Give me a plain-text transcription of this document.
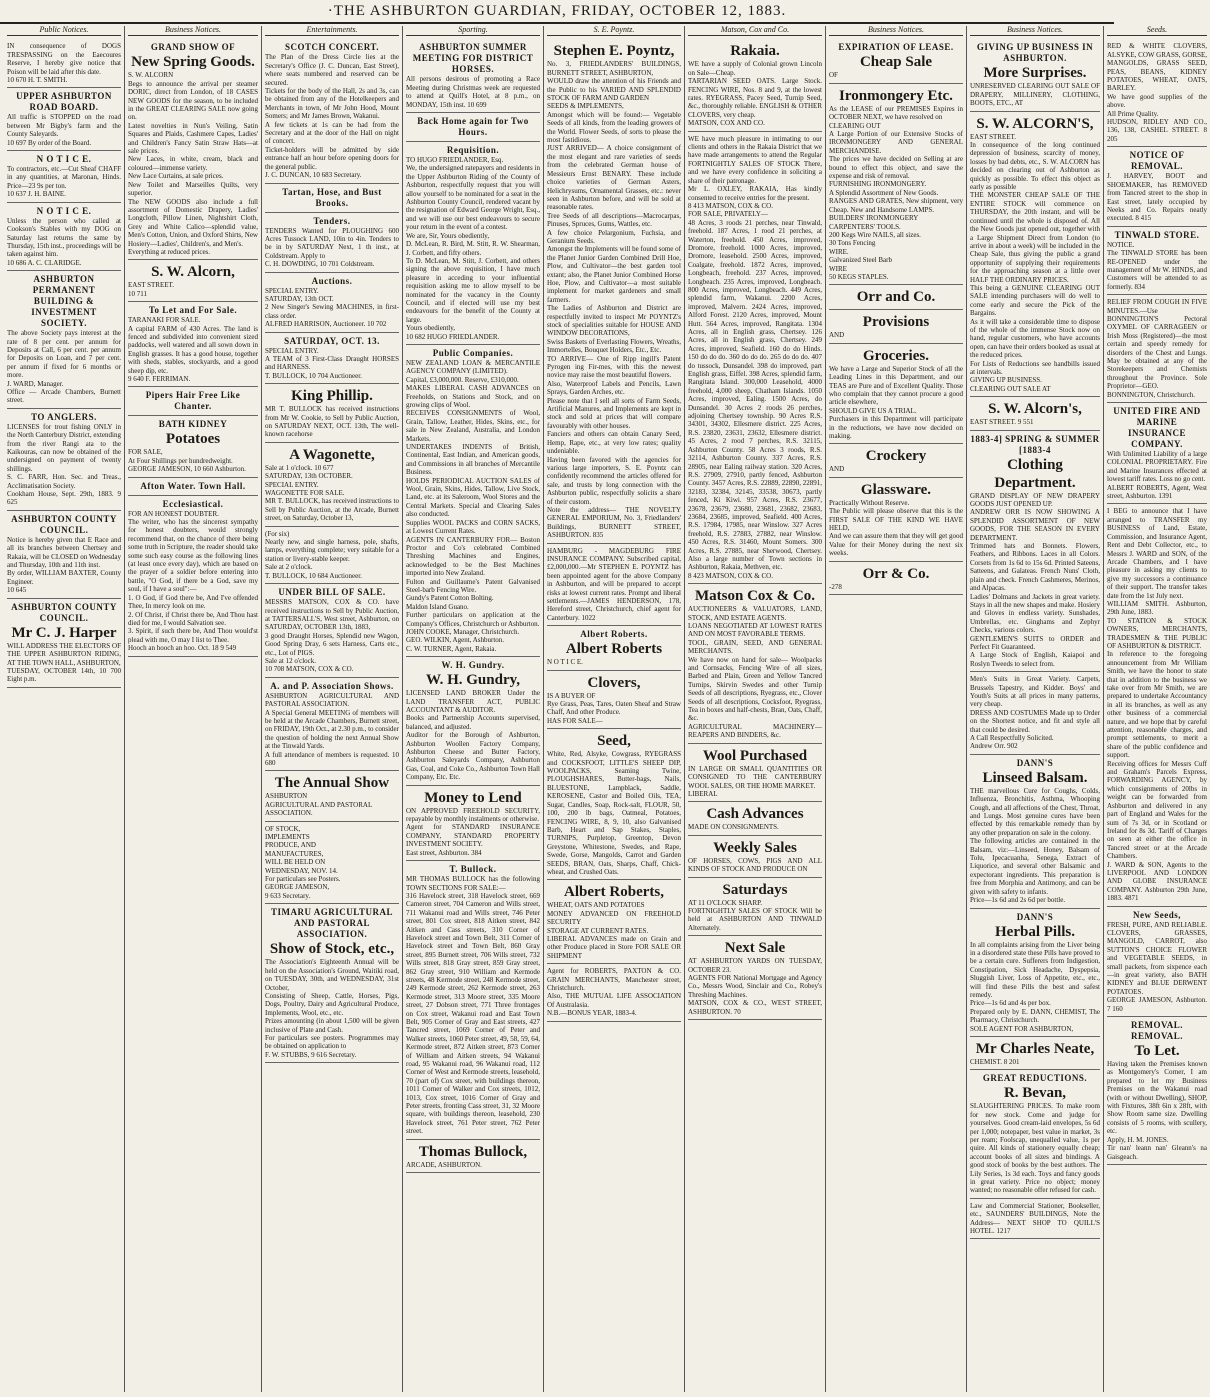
·THE ASHBURTON GUARDIAN, FRIDAY, OCTOBER 12, 1883.
Public Notices.
IN consequence of DOGS TRESPASSING on the Eaecoures Reserve, I hereby give notice that Poison will be laid after this date.
10 670 H. T. SMITH.
UPPER ASHBURTON ROAD BOARD.
All traffic is STOPPED on the road between Mr Bigby's farm and the County Saleyards.
10 697 By order of the Board.
N O T I C E.
To contractors, etc.—Cut Sheaf CHAFF in any quantities, at Maronan, Hinds. Price—23 9s per ton.
10 637 J. H. BAINE.
N O T I C E.
Unless the person who called at Cookson's Stables with my DOG on Saturday last returns the same by Thursday, 15th inst., proceedings will be taken against him.
10 686 A. C. CLARIDGE.
ASHBURTON PERMANENT BUILDING & INVESTMENT SOCIETY.
The above Society pays interest at the rate of 8 per cent. per annum for Deposits at Call, 6 per cent. per annum for Deposits on Loan, and 7 per cent. per annum if fixed for 6 months or more.
J. WARD, Manager.
Office — Arcade Chambers, Burnett street.
TO ANGLERS.
LICENSES for trout fishing ONLY in the North Canterbury District, extending from the river Rangi ata to the Kaikouras, can now be obtained of the undersigned on payment of twenty shillings.
S. C. FARR, Hon. Sec. and Treas., Acclimatisation Society.
Cookham House, Sept. 29th, 1883. 9 625
ASHBURTON COUNTY COUNCIL.
Notice is hereby given that E Race and all its branches between Chertsey and Rakaia, will be CLOSED on Wednesday and Thursday, 10th and 11th inst.
By order, WILLIAM BAXTER, County Engineer.
10 645
ASHBURTON COUNTY COUNCIL.
Mr C. J. Harper
WILL ADDRESS THE ELECTORS OF THE UPPER ASHBURTON RIDING, AT THE TOWN HALL, ASHBURTON,
TUESDAY, OCTOBER 14th, 10 700 Eight p.m.
Business Notices.
GRAND SHOW OF
New Spring Goods.
S. W. ALCORN
Begs to announce the arrival per steamer DORIC, direct from London, of 18 CASES NEW GOODS for the season, to be included in the GREAT CLEARING SALE now going on.
Latest novelties in Nun's Veiling, Satin Squares and Plaids, Cashmere Capes, Ladies' and Children's Fancy Satin Straw Hats—at sale prices.
New Laces, in white, cream, black and coloured—immense variety.
New Lace Curtains, at sale prices.
New Toilet and Marseilles Quilts, very superior.
The NEW GOODS also include a full assortment of Domestic Drapery, Ladies' Longcloth, Pillow Linen, Nightshirt Cloth, Grey and White Calico—splendid value, Men's Cotton, Union, and Oxford Shirts, New Hosiery—Ladies', Children's, and Men's.
Everything at reduced prices.
S. W. Alcorn,
EAST STREET.
10 711
To Let and For Sale.
TARANAKI FOR SALE.
A capital FARM of 430 Acres. The land is fenced and subdivided into convenient sized paddocks, well watered and all sown down in English grasses. It has a good house, together with sheds, stables, stockyards, and a good sheep dip, etc.
9 640 F. FERRIMAN.
Pipers Hair Free Like Chanter.
BATH KIDNEY
Potatoes
FOR SALE,
At Four Shillings per hundredweight.
GEORGE JAMESON, 10 660 Ashburton.
Afton Water. Town Hall.
Ecclesiastical.
FOR AN HONEST DOUBTER.
The writer, who has the sincerest sympathy for honest doubters, would strongly recommend that, on the chance of there being some truth in Scripture, the reader should take some such easy course as the following lines (at least once every day), which are based on the prayer of a soldier before entering into battle, "O God, if there be a God, save my soul, if I have a soul":—
1. O God, if God there be, And I've offended Thee, In mercy look on me.
2. Of Christ, if Christ there be, And Thou hast died for me, I would Salvation see.
3. Spirit, if such there be, And Thou would'st plead with me, O may I list to Thee.
Hooch an hooch an hoo. Oct. 18 9 549
Entertainments.
SCOTCH CONCERT.
The Plan of the Dress Circle lies at the Secretary's Office (J. C. Duncan, East Street), where seats numbered and reserved can be secured.
Tickets for the body of the Hall, 2s and 3s, can be obtained from any of the Hotelkeepers and Merchants in town, of Mr John Hood, Mount Somers; and Mr James Brown, Wakanui.
A few tickets at 1s can be had from the Secretary and at the door of the Hall on night of concert.
Ticket-holders will be admitted by side entrance half an hour before opening doors for the general public.
J. C. DUNCAN, 10 683 Secretary.
Tartan, Hose, and Bust Brooks.
Tenders.
TENDERS Wanted for PLOUGHING 600 Acres Tussock LAND, 10in to 4in. Tenders to be in by SATURDAY Next, 1 th inst., at Coldstream. Apply to
C. H. DOWDING, 10 701 Coldstream.
Auctions.
SPECIAL ENTRY.
SATURDAY, 13th OCT.
2 New Singer's Sewing MACHINES, in first-class order.
ALFRED HARRISON, Auctioneer. 10 702
SATURDAY, OCT. 13.
SPECIAL ENTRY.
A TEAM of 3 First-Class Draught HORSES and HARNESS.
T. BULLOCK, 10 704 Auctioneer.
King Phillip.
MR T. BULLOCK has received instructions from Mr W. Cookie, to Sell by Public Auction, on SATURDAY NEXT, OCT. 13th, The well-known racehorse
A Wagonette,
Sale at 1 o'clock. 10 677
SATURDAY, 13th OCTOBER.
SPECIAL ENTRY.
WAGONETTE FOR SALE.
MR T. BULLOCK, has received instructions to Sell by Public Auction, at the Arcade, Burnett street, on Saturday, October 13,
(For six)
Nearly new, and single harness, pole, shafts, lamps, everything complete; very suitable for a station or livery-stable keeper.
Sale at 2 o'clock.
T. BULLOCK, 10 684 Auctioneer.
UNDER BILL OF SALE.
MESSRS MATSON, COX & CO. have received instructions to Sell by Public Auction, at TATTERSALL'S, West street, Ashburton, on SATURDAY, OCTOBER 13th, 1883,
3 good Draught Horses, Splendid new Wagon, Good Spring Dray, 6 sets Harness, Carts etc., etc., Lot of PIGS.
Sale at 12 o'clock.
10 708 MATSON, COX & CO.
A. and P. Association Shows.
ASHBURTON AGRICULTURAL AND PASTORAL ASSOCIATION.
A Special General MEETING of members will be held at the Arcade Chambers, Burnett street, on FRIDAY, 19th Oct., at 2.30 p.m., to consider the question of holding the next Annual Show at the Tinwald Yards.
A full attendance of members is requested. 10 680
The Annual Show
ASHBURTON
AGRICULTURAL AND PASTORAL
ASSOCIATION.
OF STOCK,
IMPLEMENTS
PRODUCE, AND
MANUFACTURES,
WILL BE HELD ON
WEDNESDAY, NOV. 14.
For particulars see Posters.
GEORGE JAMESON,
9 633 Secretary.
TIMARU AGRICULTURAL AND PASTORAL ASSOCIATION.
Show of Stock, etc.,
The Association's Eighteenth Annual will be held on the Association's Ground, Waitiki road, on TUESDAY, 30th, and WEDNESDAY, 31st October,
Consisting of Sheep, Cattle, Horses, Pigs, Dogs, Poultry, Dairy and Agricultural Produce, Implements, Wool, etc., etc.
Prizes amounting (in about 1,500 will be given inclusive of Plate and Cash.
For particulars see posters. Programmes may be obtained on application to
F. W. STUBBS, 9 616 Secretary.
Sporting.
ASHBURTON SUMMER MEETING FOR DISTRICT HORSES.
All persons desirous of promoting a Race Meeting during Christmas week are requested to attend at Quill's Hotel, at 8 p.m., on MONDAY, 15th inst. 10 699
Back Home again for Two Hours.
Requisition.
TO HUGO FRIEDLANDER, Esq.
We, the undersigned ratepayers and residents in the Upper Ashburton Riding of the County of Ashburton, respectfully request that you will allow yourself to be nominated for a seat in the Ashburton County Council, rendered vacant by the resignation of Edward George Wright, Esq., and we will use our best endeavours to secure your return in the event of a contest.
We are, Sir, Yours obediently,
D. McLean, R. Bird, M. Stitt, R. W. Shearman, J. Corbett, and fifty others.
To D. McLean, M. Stitt, J. Corbett, and others signing the above requisition, I have much pleasure in acceding to your influential requisition asking me to allow myself to be nominated for the vacancy in the County Council, and if elected will use my best endeavours for the benefit of the County at large.
Yours obediently,
10 682 HUGO FRIEDLANDER.
Public Companies.
NEW ZEALAND LOAN & MERCANTILE AGENCY COMPANY (LIMITED).
Capital, £3,000,000. Reserve, £310,000.
MAKES LIBERAL CASH ADVANCES on Freeholds, on Stations and Stock, and on growing clips of Wool.
RECEIVES CONSIGNMENTS of Wool, Grain, Tallow, Leather, Hides, Skins, etc., for sale in New Zealand, Australia, and London Markets.
UNDERTAKES INDENTS of British, Continental, East Indian, and American goods, and Commissions in all branches of Mercantile Business.
HOLDS PERIODICAL AUCTION SALES of Wool, Grain, Skins, Hides, Tallow, Live Stock, Land, etc. at its Saleroom, Wool Stores and the Central Markets. Special and Clearing Sales also conducted.
Supplies WOOL PACKS and CORN SACKS, at Lowest Current Rates.
AGENTS IN CANTERBURY FOR— Boston Proctor and Co's celebrated Combined Threshing Machines and Engines, acknowledged to be the Best Machines imported into New Zealand.
Fulton and Guillaume's Patent Galvanised Steel-barb Fencing Wire.
Gundy's Patent Cotton Bolting.
Maldon Island Guano.
Further particulars on application at the Company's Offices, Christchurch or Ashburton.
JOHN COOKE, Manager, Christchurch.
GEO. WILKIN, Agent, Ashburton.
C. W. TURNER, Agent, Rakaia.
W. H. Gundry.
W. H. Gundry,
LICENSED LAND BROKER Under the LAND TRANSFER ACT, PUBLIC ACCOUNTANT & AUDITOR.
Books and Partnership Accounts supervised, balanced, and adjusted.
Auditor for the Borough of Ashburton, Ashburton Woollen Factory Company, Ashburton Cheese and Butter Factory, Ashburton Saleyards Company, Ashburton Gas, Coal, and Coke Co., Ashburton Town Hall Company, Etc. Etc.
Money to Lend
ON APPROVED FREEHOLD SECURITY, repayable by monthly instalments or otherwise.
Agent for STANDARD INSURANCE COMPANY, STANDARD PROPERTY INVESTMENT SOCIETY.
East street, Ashburton. 384
T. Bullock.
MR THOMAS BULLOCK has the following TOWN SECTIONS FOR SALE:—
316 Havelock street, 318 Havelock street, 669 Cameron street, 704 Cameron and Wills street, 711 Wakanui road and Wills street, 746 Peter street, 801 Cox street, 818 Aitken street, 842 Aitken and Cass streets, 310 Corner of Havelock street and Town Belt, 311 Corner of Havelock street and Town Belt, 860 Gray street, 895 Burnett street, 706 Wills street, 732 Wills street, 818 Gray street, 859 Gray street, 862 Gray street, 910 William and Kermode streets, 48 Kermode street, 248 Kermode street, 249 Kermode street, 262 Kermode street, 263 Kermode street, 313 Moore street, 335 Moore street, 27 Dobson street, 771 Three frontages on Cox street, Wakanui road and East Town Belt, 905 Corner of Gray and East streets, 427 Tancred street, 1069 Corner of Peter and Walker streets, 1060 Peter street, 49, 58, 59, 64, Kermode street, 872 Aitken street, 873 Corner of William and Aitken streets, 94 Wakanui road, 95 Wakanui road, 96 Wakanui road, 112 Corner of West and Kermode streets, leasehold, 70 (part of) Cox street, with buildings thereon, 1011 Corner of Walker and Cox streets, 1012, 1013, Cox street, 1016 Corner of Gray and Peter streets, fronting Cass street, 31, 32 Moore square, with buildings thereon, leasehold, 230 Havelock street, 761 Peter street, 762 Peter street.
Thomas Bullock,
ARCADE, ASHBURTON.
S. E. Poyntz.
Stephen E. Poyntz,
No. 3, FRIEDLANDERS' BUILDINGS, BURNETT STREET, ASHBURTON,
WOULD draw the attention of his Friends and the Public to his VARIED AND SPLENDID STOCK OF FARM AND GARDEN
SEEDS & IMPLEMENTS,
Amongst which will be found:— Vegetable Seeds of all kinds, from the leading growers of the World. Flower Seeds, of sorts to please the most fastidious.
JUST ARRIVED— A choice consignment of the most elegant and rare varieties of seeds from the celebrated German house of Messieurs Ernst BENARY. These include choice varieties of German Asters, Helichrysums, Ornamental Grasses, etc.: never seen in Ashburton before, and will be sold at reasonable rates.
Tree Seeds of all descriptions—Macrocarpas, Pinuses, Spruces, Gums, Wattles, etc.
A few choice Pelargonium, Fuchsia, and Geranium Seeds.
Amongst the Implements will be found some of the Planet Junior Garden Combined Drill Hoe, Plow, and Cultivator—the best garden tool extant; also, the Planet Junior Combined Horse Hoe, Plow, and Cultivator—a most suitable implement for market gardeners and small farmers.
The Ladies of Ashburton and District are respectfully invited to inspect Mr POYNTZ's stock of specialities suitable for HOUSE AND WINDOW DECORATIONS,
Swiss Baskets of Everlasting Flowers, Wreaths, Immortelles, Bouquet Holders, Etc., Etc.
TO ARRIVE— One of Ripp ingill's Patent Pyrogen ing Fir-mes, with this the newest novice may raise the most beautiful flowers.
Also, Waterproof Labels and Pencils, Lawn Sprays, Garden Arches, etc.
Please note that I sell all sorts of Farm Seeds, Artificial Manures, and Implements are kept in stock and sold at prices that will compare favourably with other houses.
Fanciers and others can obtain Canary Seed, Hemp, Rape, etc., at very low rates; quality undeniable.
Having been favored with the agencies for various large importers, S. E. Poyntz can confidently recommend the articles offered for sale, and trusts by long connection with the Ashburton public, respectfully solicits a share of their custom.
Note the address— THE NOVELTY GENERAL EMPORIUM, No. 3, Friedlanders' Buildings, BURNETT STREET, ASHBURTON. 835
HAMBURG - MAGDEBURG FIRE INSURANCE COMPANY. Subscribed capital, £2,000,000.—Mr STEPHEN E. POYNTZ has been appointed agent for the above Company in Ashburton, and will be prepared to accept risks at lowest current rates. Prompt and liberal settlements.—JAMES HENDERSON, 178, Hereford street, Christchurch, chief agent for Canterbury. 1022
Albert Roberts.
Albert Roberts
N O T I C E.
Clovers,
IS A BUYER OF
Rye Grass, Peas, Tares, Oaten Sheaf and Straw Chaff, And other Produce.
HAS FOR SALE—
Seed,
White, Red, Alsyke, Cowgrass, RYEGRASS and COCKSFOOT, LITTLE'S SHEEP DIP, WOOLPACKS, Seaming Twine, PLOUGHSHARES, Butter-bags, Nails, BLUESTONE, Lampblack, Saddle, KEROSENE, Castor and Boiled Oils, TEA, Sugar, Candles, Soap, Rock-salt, FLOUR, 50, 100, 200 lb bags, Oatmeal, Potatoes, FENCING WIRE, 8, 9, 10, also Galvanised Barb, Heart and Sap Stakes, Staples, TURNIPS, Purpletop, Greentop, Devon Greystone, Whitestone, Swedes, and Rape, Swede, Gorse, Mangolds, Carrot and Garden SEEDS, BRAN, Oats, Sharps, Chaff, Chick-wheat, and Crushed Oats.
Albert Roberts,
WHEAT, OATS AND POTATOES
MONEY ADVANCED ON FREEHOLD SECURITY
STORAGE AT CURRENT RATES.
LIBERAL ADVANCES made on Grain and other Produce placed in Store FOR SALE OR SHIPMENT
Agent for ROBERTS, PAXTON & CO. GRAIN MERCHANTS, Manchester street, Christchurch.
Also, THE MUTUAL LIFE ASSOCIATION Of Australasia.
N.B.—BONUS YEAR, 1883-4.
Matson, Cox and Co.
Rakaia.
WE have a supply of Colonial grown Lincoln on Sale—Cheap.
TARTARIAN SEED OATS. Large Stock. FENCING WIRE, Nos. 8 and 9, at the lowest rates. RYEGRASS, Pacey Seed, Turnip Seed, &c., thoroughly reliable. ENGLISH & OTHER CLOVERS, very cheap.
MATSON, COX AND CO.
WE have much pleasure in intimating to our clients and others in the Rakaia District that we have made arrangements to attend the Regular FORTNIGHTLY SALES OF STOCK There, and we have every confidence in soliciting a share of their patronage.
Mr L. OXLEY, RAKAIA, Has kindly consented to receive entries for the present.
8 413 MATSON, COX & CO.
FOR SALE, PRIVATELY—
48 Acres, 3 roods 21 perches, near Tinwald, freehold. 187 Acres, 1 rood 21 perches, at Waterton, freehold. 450 Acres, improved, Dromore, freehold. 1000 Acres, improved, Dromore, leasehold. 2500 Acres, improved, Coalgate, freehold. 1872 Acres, improved, Longbeach, freehold. 237 Acres, improved, Longbeach. 235 Acres, improved, Longbeach. 800 Acres, improved, Longbeach. 449 Acres, splendid farm, Wakanui. 2200 Acres, improved, Malvern. 2424 Acres, improved, Alford Forest. 2120 Acres, improved, Mount Hutt. 564 Acres, improved, Rangitata. 1304 Acres, all in English grass, Chertsey. 126 Acres, all in English grass, Chertsey. 249 Acres, improved, Seafield. 160 do do Hinds. 150 do do do. 360 do do do. 265 do do do. 407 do tussock, Dunsandel. 398 do improved, part English grass, Eiffel. 398 Acres, splendid farm, Rangitata Island. 300,000 Leasehold, 4000 freehold, 4,000 sheep, Chatham Islands. 1050 Acres, improved, Ealing. 1500 Acres, do Dunsandel. 30 Acres 2 roods 26 perches, adjoining Chertsey township. 90 Acres R.S. 34301, 34302, Ellesmere district. 225 Acres, R.S. 23820, 23631, 23632, Ellesmere district. 45 Acres, 2 rood 7 perches, R.S. 32115, Ashburton County. 58 Acres 3 roods, R.S. 32114, Ashburton County. 337 Acres, R.S. 28905, near Ealing railway station. 320 Acres, R.S. 27909, 27910, partly fenced, Ashburton County. 3457 Acres, R.S. 22889, 22890, 22891, 32183, 32384, 32145, 33538, 30673, partly fenced, Ki Kiwi. 957 Acres, R.S. 23677, 23678, 23679, 23680, 23681, 23682, 23683, 23684, 23685, improved, Seafield. 400 Acres, R.S. 17984, 17985, near Winslow. 327 Acres freehold, R.S. 27883, 27882, near Winslow. 450 Acres, R.S. 31460, Mount Somers. 300 Acres, R.S. 27885, near Sherwood, Chertsey. Also a large number of Town sections in Ashburton, Rakaia, Methven, etc.
8 423 MATSON, COX & CO.
Matson Cox & Co.
AUCTIONEERS & VALUATORS, LAND, STOCK, AND ESTATE AGENTS.
LOANS NEGOTIATED AT LOWEST RATES AND ON MOST FAVORABLE TERMS.
TOOL, GRAIN, SEED, AND GENERAL MERCHANTS.
We have now on hand for sale— Woolpacks and Cornsacks, Fencing Wire of all sizes, Barbed and Plain, Green and Yellow Tancred Turnips, Skirvin Swedes and other Turnip Seeds of all descriptions, Ryegrass, etc., Clover Seeds of all descriptions, Cocksfoot, Ryegrass, Tea in boxes and half-chests, Bran, Oats, Chaff, &c.
AGRICULTURAL MACHINERY— REAPERS AND BINDERS, &c.
Wool Purchased
IN LARGE OR SMALL QUANTITIES OR CONSIGNED TO THE CANTERBURY WOOL SALES, OR THE HOME MARKET.
LIBERAL
Cash Advances
MADE ON CONSIGNMENTS.
Weekly Sales
OF HORSES, COWS, PIGS AND ALL KINDS OF STOCK AND PRODUCE ON
Saturdays
AT 11 O'CLOCK SHARP.
FORTNIGHTLY SALES OF STOCK Will be held at ASHBURTON AND TINWALD Alternately.
Next Sale
AT ASHBURTON YARDS ON TUESDAY, OCTOBER 23.
AGENTS FOR National Mortgage and Agency Co., Messrs Wood, Sinclair and Co., Robey's Threshing Machines.
MATSON, COX & CO., WEST STREET, ASHBURTON. 70
Business Notices.
EXPIRATION OF LEASE.
Cheap Sale
OF
Ironmongery Etc.
As the LEASE of our PREMISES Expires in OCTOBER NEXT, we have resolved on
CLEARING OUT
A Large Portion of our Extensive Stocks of IRONMONGERY AND GENERAL MERCHANDISE.
The prices we have decided on Selling at are bound to effect this object, and save the expense and risk of removal.
FURNISHING IRONMONGERY.
A Splendid Assortment of New Goods.
RANGES AND GRATES, New shipment, very Cheap. New and Handsome LAMPS.
BUILDERS' IRONMONGERY
CARPENTERS' TOOLS.
200 Kegs Wire NAILS, all sizes.
30 Tons Fencing
WIRE.
Galvanized Steel Barb
WIRE
50 KEGS STAPLES.
Orr and Co.
Provisions
AND
Groceries.
We have a Large and Superior Stock of all the Leading Lines in this Department, and our TEAS are Pure and of Excellent Quality. Those who complain that they cannot procure a good article elsewhere,
SHOULD GIVE US A TRIAL.
Purchasers in this Department will participate in the reductions, we have now decided on making.
Crockery
AND
Glassware.
Practically Without Reserve.
The Public will please observe that this is the FIRST SALE OF THE KIND WE HAVE HELD,
And we can assure them that they will get good Value for their Money during the next six weeks.
Orr & Co.
-278
Business Notices.
GIVING UP BUSINESS IN ASHBURTON.
More Surprises.
UNRESERVED CLEARING OUT SALE OF DRAPERY, MILLINERY, CLOTHING, BOOTS, ETC., AT
S. W. ALCORN'S,
EAST STREET.
In consequence of the long continued depression of business, scarcity of money, losses by bad debts, etc., S. W. ALCORN has decided on clearing out of Ashburton as quickly as possible. To effect this object as early as possible
THE MONSTER CHEAP SALE OF THE ENTIRE STOCK will commence on THURSDAY, the 20th instant, and will be continued until the whole is disposed of. All the New Goods just opened out, together with a Large Shipment Direct from London (to arrive in about a week) will be included in the Cheap Sale, thus giving the public a grand opportunity of supplying their requirements for the approaching season at a little over HALF THE ORDINARY PRICES.
This being a GENUINE CLEARING OUT SALE intending purchasers will do well to come early and secure the Pick of the Bargains.
As it will take a considerable time to dispose of the whole of the immense Stock now on hand, regular customers, who have accounts open, can have their orders booked as usual at the reduced prices.
For Lists of Reductions see handbills issued at intervals.
GIVING UP BUSINESS.
CLEARING OUT SALE AT
S. W. Alcorn's,
EAST STREET. 9 551
1883-4] SPRING & SUMMER [1883-4
Clothing Department.
GRAND DISPLAY OF NEW DRAPERY GOODS JUST OPENED UP.
ANDREW ORR IS NOW SHOWING A SPLENDID ASSORTMENT OF NEW GOODS, FOR THE SEASON IN EVERY DEPARTMENT.
Trimmed hats and Bonnets. Flowers, Feathers, and Ribbons. Laces in all Colors. Corsets from 1s 6d to 15s 6d. Printed Sateens, Satteens, and Galateas. French Nuns' Cloth, plain and check. French Cashmeres, Merinos, and Alpacas.
Ladies' Dolmans and Jackets in great variety. Stays in all the new shapes and make. Hosiery and Gloves in endless variety. Sunshades, Umbrellas, etc. Ginghams and Zephyr Checks, various colors.
GENTLEMEN'S SUITS to ORDER and Perfect Fit Guaranteed.
A Large Stock of English, Kaiapoi and Roslyn Tweeds to select from.
Men's Suits in Great Variety. Carpets, Brussels Tapestry, and Kidder. Boys' and Youth's Suits at all prices in many patterns, very cheap.
DRESS AND COSTUMES Made up to Order on the Shortest notice, and fit and style all that could be desired.
A Call Respectfully Solicited.
Andrew Orr. 902
DANN'S
Linseed Balsam.
THE marvellous Cure for Coughs, Colds, Influenza, Bronchitis, Asthma, Whooping Cough, and all affections of the Chest, Throat, and Lungs. Most genuine cures have been effected by this remarkable remedy than by any other preparation on sale in the colony.
The following articles are contained in the Balsam, viz:—Linseed, Honey, Balsam of Tolu, Ipecacuanha, Senega, Extract of Liquorice, and several other Balsamic and expectorant ingredients. This preparation is free from Morphia and Antimony, and can be given with safety to infants.
Price—1s 6d and 2s 6d per bottle.
DANN'S
Herbal Pills.
In all complaints arising from the Liver being in a disordered state these Pills have proved to be a certain cure. Sufferers from Indigestion, Constipation, Sick Headache, Dyspepsia, Sluggish Liver, Loss of Appetite, etc., etc., will find these Pills the best and safest remedy.
Price—1s 6d and 4s per box.
Prepared only by E. DANN, CHEMIST, The Pharmacy, Christchurch.
SOLE AGENT FOR ASHBURTON,
Mr Charles Neate,
CHEMIST. 8 201
GREAT REDUCTIONS.
R. Bevan,
SLAUGHTERING PRICES. To make room for new stock. Come and judge for yourselves. Good cream-laid envelopes, 5s 6d per 1,000; notepaper, best value in market, 3s per ream; Foolscap, unequalled value, 1s per quire. All kinds of stationery equally cheap; account books of all sizes and bindings. A good stock of books by the best authors. The Lily Series, 1s 3d each. Toys and fancy goods in great variety. Price no object; money wanted; no reasonable offer refused for cash.
Law and Commercial Stationer, Bookseller, etc., SAUNDERS' BUILDINGS, Note the Address— NEXT SHOP TO QUILL'S HOTEL. 1217
Seeds.
RED & WHITE CLOVERS, ALSYKE, COW GRASS, GORSE, MANGOLDS, GRASS SEED, PEAS, BEANS, KIDNEY POTATOES, WHEAT, OATS, BARLEY.
We have good supplies of the above.
All Prime Quality.
HUDSON, RIDLEY AND CO., 136, 138, CASHEL STREET. 8 205
NOTICE OF REMOVAL.
J. HARVEY, BOOT and SHOEMAKER, has REMOVED from Tancred street to the shop in East street, lately occupied by Neeks and Co. Repairs neatly executed. 8 415
TINWALD STORE.
NOTICE.
The TINWALD STORE has been RE-OPENED under the management of Mr W. HINDS, and Customers will be attended to as formerly. 834
RELIEF FROM COUGH IN FIVE MINUTES.—Use BONNINGTON'S Pectoral OXYMEL OF CARRAGEEN or Irish Moss (Registered)—the most certain and speedy remedy for disorders of the Chest and Lungs. May be obtained at any of the Storekeepers and Chemists throughout the Province. Sole Proprietor—GEO. BONNINGTON, Christchurch.
UNITED FIRE AND MARINE INSURANCE COMPANY.
With Unlimited Liability of a large COLONIAL PROPRIETARY. Fire and Marine Insurances effected at lowest tariff rates. Loss no go cent.
ALBERT ROBERTS, Agent, West street, Ashburton. 1391
I BEG to announce that I have arranged to TRANSFER my BUSINESS of Land, Estate, Commission, and Insurance Agent, Rent and Debt Collector, etc., to Messrs J. WARD and SON, of the Arcade Chambers, and I have pleasure in asking my clients to give my successors a continuance of their support. The transfer takes date from the 1st July next.
WILLIAM SMITH. Ashburton, 29th June, 1883.
TO STATION & STOCK OWNERS, MERCHANTS, TRADESMEN & THE PUBLIC OF ASHBURTON & DISTRICT.
In reference to the foregoing announcement from Mr William Smith, we have the honor to state that in addition to the business we take over from Mr Smith, we are prepared to undertake Accountancy in all its branches, as well as any other business of a commercial nature, and we hope that by careful attention, reasonable charges, and prompt settlements, to merit a share of the public confidence and support.
Receiving offices for Messrs Cuff and Graham's Parcels Express, FORWARDING AGENCY, by which consignments of 20lbs in weight can be forwarded from Ashburton and delivered in any part of England and Wales for the sum of 7s 3d, or in Scotland or Ireland for 8s 3d. Tariff of Charges on seen at either the office in Tancred street or at the Arcade Chambers.
J. WARD & SON, Agents to the LIVERPOOL AND LONDON AND GLOBE INSURANCE COMPANY. Ashburton 29th June, 1883. 4871
New Seeds,
FRESH, PURE, AND RELIABLE. CLOVERS, GRASSES, MANGOLD, CARROT, also SUTTON'S CHOICE FLOWER and VEGETABLE SEEDS, in small packets, from sixpence each—in great variety, also BATH KIDNEY and BLUE DERWENT POTATOES.
GEORGE JAMESON, Ashburton. 7 160
REMOVAL. REMOVAL.
To Let.
Having taken the Premises known as Montgomery's Corner, I am prepared to let my Business Premises on the Wakanui road (with or without Dwelling), SHOP, with Fixtures, 38ft 6in x 28ft, with Show Room same size. Dwelling consists of 5 rooms, with scullery, etc.
Apply, H. M. JONES.
Tir nan' leann nan' Gleann's na Gaisgeach.
